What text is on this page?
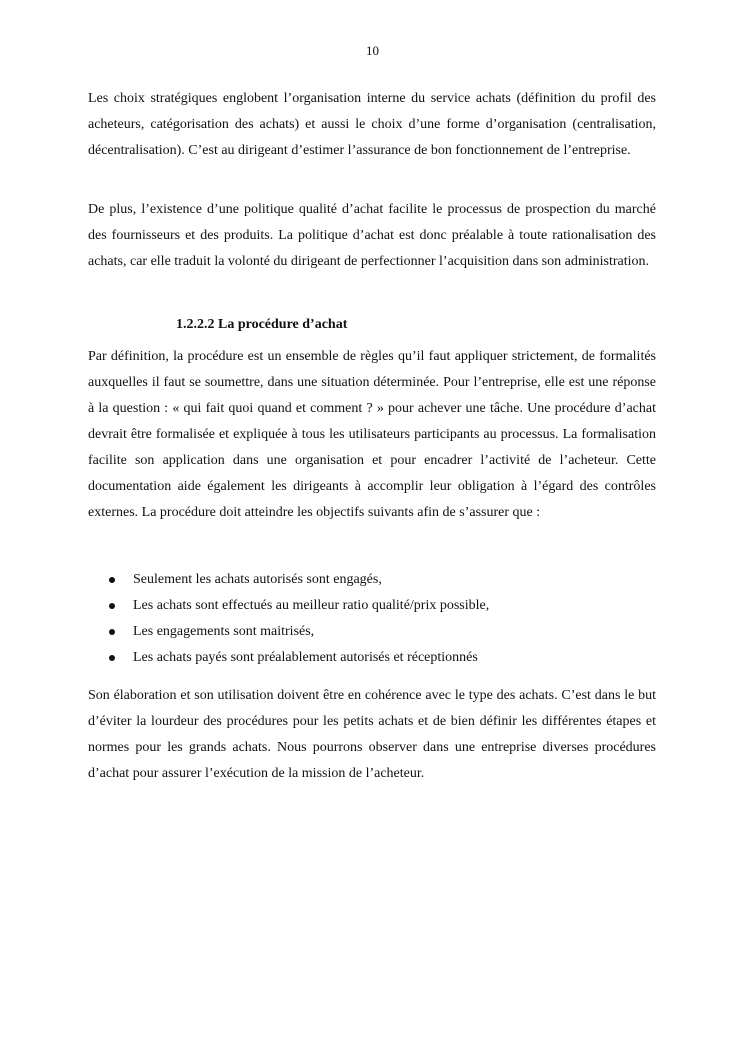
10

Les choix stratégiques englobent l’organisation interne du service achats (définition du profil des acheteurs, catégorisation des achats) et aussi le choix d’une forme d’organisation (centralisation, décentralisation). C’est au dirigeant d’estimer l’assurance de bon fonctionnement de l’entreprise.

De plus, l’existence d’une politique qualité d’achat facilite le processus de prospection du marché des fournisseurs et des produits. La politique d’achat est donc préalable à toute rationalisation des achats, car elle traduit la volonté du dirigeant de perfectionner l’acquisition dans son administration.

1.2.2.2 La procédure d’achat

Par définition, la procédure est un ensemble de règles qu’il faut appliquer strictement, de formalités auxquelles il faut se soumettre, dans une situation déterminée. Pour l’entreprise, elle est une réponse à la question : « qui fait quoi quand et comment ? » pour achever une tâche. Une procédure d’achat devrait être formalisée et expliquée à tous les utilisateurs participants au processus. La formalisation facilite son application dans une organisation et pour encadrer l’activité de l’acheteur. Cette documentation aide également les dirigeants à accomplir leur obligation à l’égard des contrôles externes. La procédure doit atteindre les objectifs suivants afin de s’assurer que :

Seulement les achats autorisés sont engagés,
Les achats sont effectués au meilleur ratio qualité/prix possible,
Les engagements sont maitrisés,
Les achats payés sont préalablement autorisés et réceptionnés

Son élaboration et son utilisation doivent être en cohérence avec le type des achats. C’est dans le but d’éviter la lourdeur des procédures pour les petits achats et de bien définir les différentes étapes et normes pour les grands achats. Nous pourrons observer dans une entreprise diverses procédures d’achat pour assurer l’exécution de la mission de l’acheteur.
